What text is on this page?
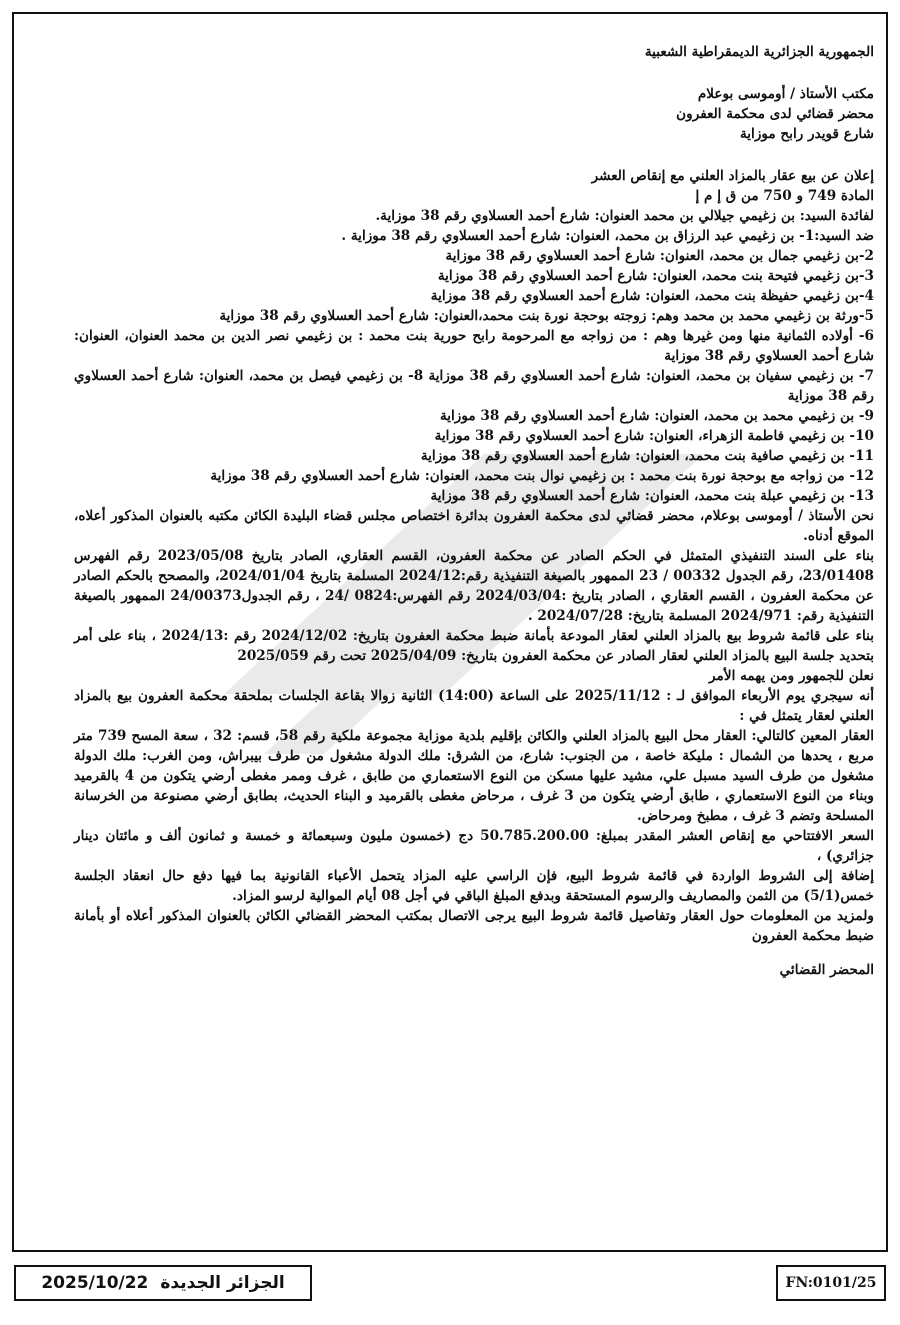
الجمهورية الجزائرية الديمقراطية الشعبية

مكتب الأستاذ / أوموسى بوعلام

محضر قضائي لدى محكمة العفرون

شارع قويدر رابح موزاية

إعلان عن بيع عقار بالمزاد العلني مع إنقاص العشر

المادة 749 و 750 من ق إ م إ

لفائدة السيد: بن زغيمي جيلالي بن محمد العنوان: شارع أحمد العسلاوي رقم 38 موزاية.

ضد السيد:1- بن زغيمي عبد الرزاق بن محمد، العنوان: شارع أحمد العسلاوي رقم 38 موزاية .

2-بن زغيمي جمال بن محمد، العنوان: شارع أحمد العسلاوي رقم 38 موزاية

3-بن زغيمي فتيحة بنت محمد، العنوان: شارع أحمد العسلاوي رقم 38 موزاية

4-بن زغيمي حفيظة بنت محمد، العنوان: شارع أحمد العسلاوي رقم 38 موزاية

5-ورثة بن زغيمي محمد بن محمد وهم: زوجته بوحجة نورة بنت محمد،العنوان: شارع أحمد العسلاوي رقم 38 موزاية

6- أولاده الثمانية منها ومن غيرها وهم : من زواجه مع المرحومة رابح حورية بنت محمد : بن زغيمي نصر الدين بن محمد العنوان، العنوان: شارع أحمد العسلاوي رقم 38 موزاية

7- بن زغيمي سفيان بن محمد، العنوان: شارع أحمد العسلاوي رقم 38 موزاية 8- بن زغيمي فيصل بن محمد، العنوان: شارع أحمد العسلاوي رقم 38 موزاية

9- بن زغيمي محمد بن محمد، العنوان: شارع أحمد العسلاوي رقم 38 موزاية

10- بن زغيمي فاطمة الزهراء، العنوان: شارع أحمد العسلاوي رقم 38 موزاية

11- بن زغيمي صافية بنت محمد، العنوان: شارع أحمد العسلاوي رقم 38 موزاية

12- من زواجه مع بوحجة نورة بنت محمد : بن زغيمي نوال بنت محمد، العنوان: شارع أحمد العسلاوي رقم 38 موزاية

13- بن زغيمي عبلة بنت محمد، العنوان: شارع أحمد العسلاوي رقم 38 موزاية

نحن الأستاذ / أوموسى بوعلام، محضر قضائي لدى محكمة العفرون بدائرة اختصاص مجلس قضاء البليدة الكائن مكتبه بالعنوان المذكور أعلاه، الموقع أدناه.

بناء على السند التنفيذي المتمثل في الحكم الصادر عن محكمة العفرون، القسم العقاري، الصادر بتاريخ 2023/05/08 رقم الفهرس 23/01408، رقم الجدول 00332 / 23 الممهور بالصيغة التنفيذية رقم:2024/12 المسلمة بتاريخ 2024/01/04، والمصحح بالحكم الصادر عن محكمة العفرون ، القسم العقاري ، الصادر بتاريخ :2024/03/04 رقم الفهرس:0824 /24 ، رقم الجدول24/00373 الممهور بالصيغة التنفيذية رقم: 2024/971 المسلمة بتاريخ: 2024/07/28 .

بناء على قائمة شروط بيع بالمزاد العلني لعقار المودعة بأمانة ضبط محكمة العفرون بتاريخ: 2024/12/02 رقم :2024/13 ، بناء على أمر بتحديد جلسة البيع بالمزاد العلني لعقار الصادر عن محكمة العفرون بتاريخ: 2025/04/09 تحت رقم 2025/059

نعلن للجمهور ومن يهمه الأمر

أنه سيجري يوم الأربعاء الموافق لـ : 2025/11/12 على الساعة (14:00) الثانية زوالا بقاعة الجلسات بملحقة محكمة العفرون بيع بالمزاد العلني لعقار يتمثل في :

العقار المعين كالتالي: العقار محل البيع بالمزاد العلني والكائن بإقليم بلدية موزاية مجموعة ملكية رقم 58، قسم: 32 ، سعة المسح 739 متر مربع ، يحدها من الشمال : مليكة خاصة ، من الجنوب: شارع، من الشرق: ملك الدولة مشغول من طرف بيبراش، ومن الغرب: ملك الدولة مشغول من طرف السيد مسبل علي، مشيد عليها مسكن من النوع الاستعماري من طابق ، غرف وممر مغطى أرضي يتكون من 4 بالقرميد وبناء من النوع الاستعماري ، طابق أرضي يتكون من 3 غرف ، مرحاض مغطى بالقرميد و البناء الحديث، بطابق أرضي مصنوعة من الخرسانة المسلحة وتضم 3 غرف ، مطبخ ومرحاض.

السعر الافتتاحي مع إنقاص العشر المقدر بمبلغ: 50.785.200.00 دج (خمسون مليون وسبعمائة و خمسة و ثمانون ألف و مائتان دينار جزائري) ،

إضافة إلى الشروط الواردة في قائمة شروط البيع، فإن الراسي عليه المزاد يتحمل الأعباء القانونية بما فيها دفع حال انعقاد الجلسة خمس(5/1) من الثمن والمصاريف والرسوم المستحقة وبدفع المبلغ الباقي في أجل 08 أيام الموالية لرسو المزاد.

ولمزيد من المعلومات حول العقار وتفاصيل قائمة شروط البيع يرجى الاتصال بمكتب المحضر القضائي الكائن بالعنوان المذكور أعلاه أو بأمانة ضبط محكمة العفرون

المحضر القضائي

الجزائر الجديدة
2025/10/22	FN:0101/25
